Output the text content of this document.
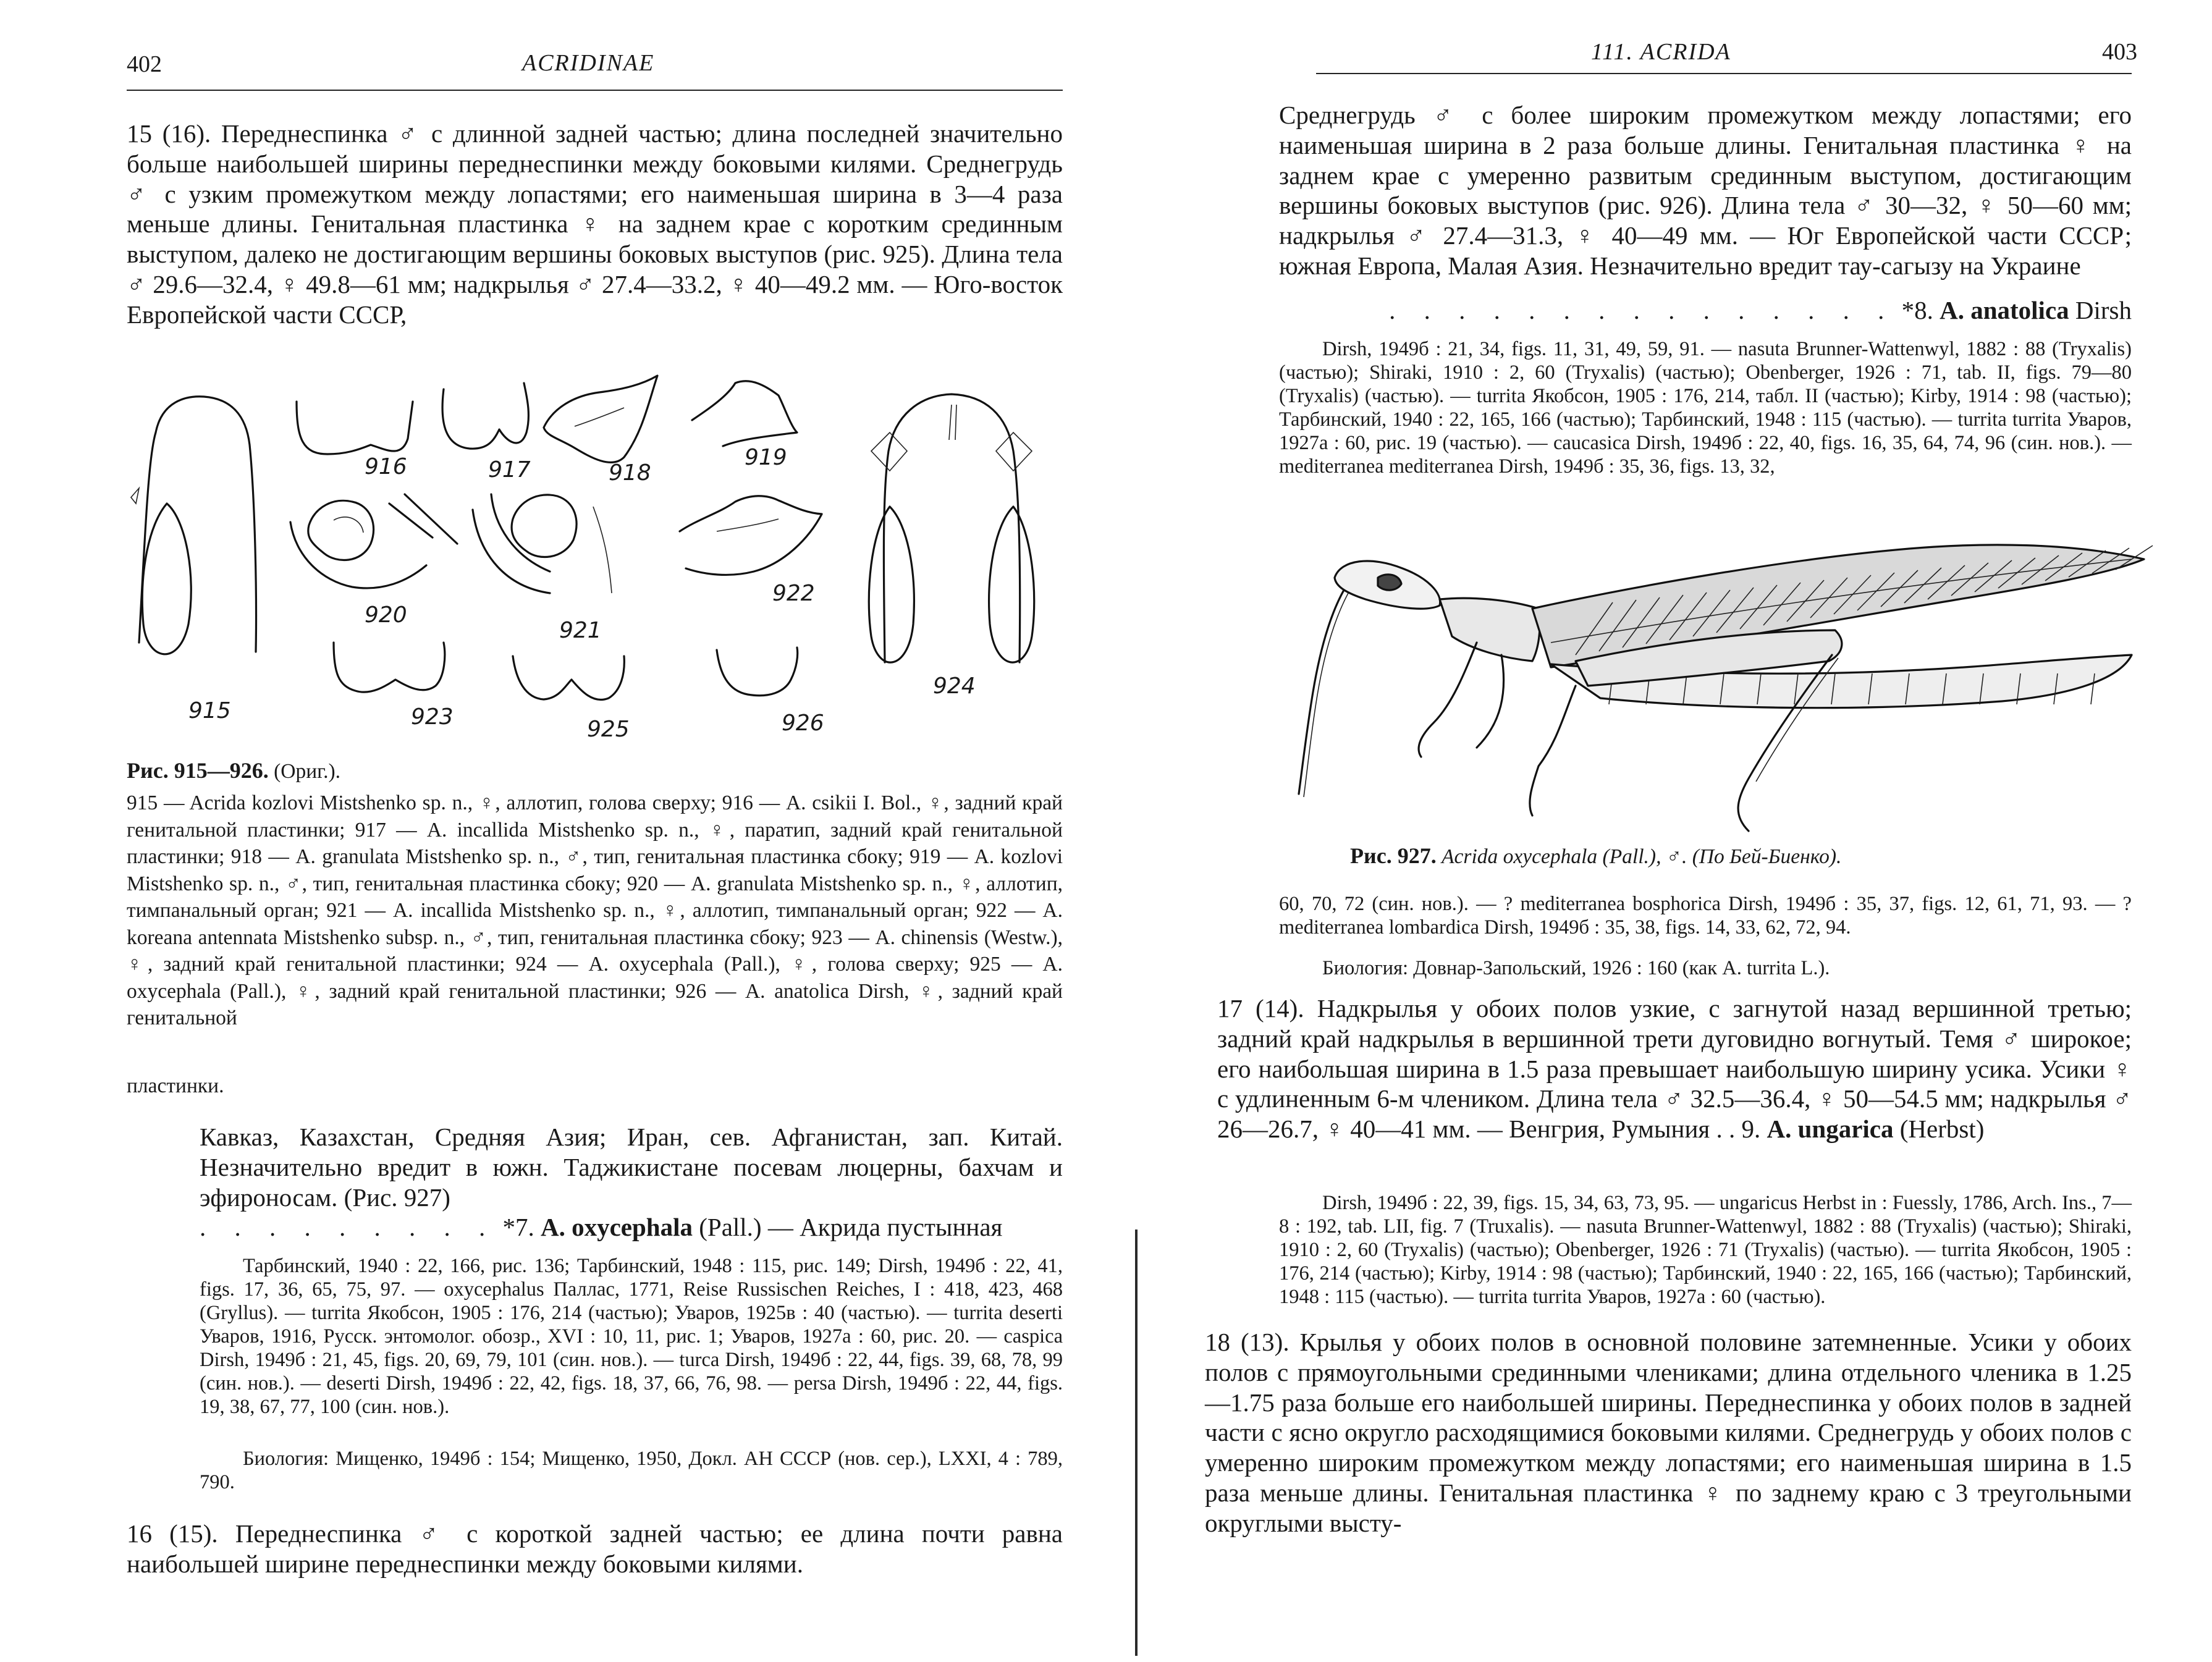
402	ACRIDINAE
15 (16). Переднеспинка ♂ с длинной задней частью; длина последней значительно больше наибольшей ширины переднеспинки между боковыми килями. Среднегрудь ♂ с узким промежутком между лопастями; его наименьшая ширина в 3—4 раза меньше длины. Генитальная пластинка ♀ на заднем крае с коротким срединным выступом, далеко не достигающим вершины боковых выступов (рис. 925). Длина тела ♂ 29.6—32.4, ♀ 49.8—61 мм; надкрылья ♂ 27.4—33.2, ♀ 40—49.2 мм. — Юго-восток Европейской части СССР,
915
916	917	918
919
920
921
922
923
924
925	926
Рис. 915—926. (Ориг.).
915 — Acrida kozlovi Mistshenko sp. n., ♀, аллотип, голова сверху; 916 — A. csikii I. Bol., ♀, задний край генитальной пластинки; 917 — A. incallida Mistshenko sp. n., ♀, паратип, задний край генитальной пластинки; 918 — A. granulata Mistshenko sp. n., ♂, тип, генитальная пластинка сбоку; 919 — A. kozlovi Mistshenko sp. n., ♂, тип, генитальная пластинка сбоку; 920 — A. granulata Mistshenko sp. n., ♀, аллотип, тимпанальный орган; 921 — A. incallida Mistshenko sp. n., ♀, аллотип, тимпанальный орган; 922 — A. koreana antennata Mistshenko subsp. n., ♂, тип, генитальная пластинка сбоку; 923 — A. chinensis (Westw.), ♀, задний край генитальной пластинки; 924 — A. oxycephala (Pall.), ♀, голова сверху; 925 — A. oxycephala (Pall.), ♀, задний край генитальной пластинки; 926 — A. anatolica Dirsh, ♀, задний край генитальной
пластинки.
Кавказ, Казахстан, Средняя Азия; Иран, сев. Афганистан, зап. Китай. Незначительно вредит в южн. Таджикистане посевам люцерны, бахчам и эфироносам. (Рис. 927)
. . . . . . . . . *7. A. oxycephala (Pall.) — Акрида пустынная
Тарбинский, 1940 : 22, 166, рис. 136; Тарбинский, 1948 : 115, рис. 149; Dirsh, 1949б : 22, 41, figs. 17, 36, 65, 75, 97. — oxycephalus Паллас, 1771, Reise Russischen Reiches, I : 418, 423, 468 (Gryllus). — turrita Якобсон, 1905 : 176, 214 (частью); Уваров, 1925в : 40 (частью). — turrita deserti Уваров, 1916, Русск. энтомолог. обозр., XVI : 10, 11, рис. 1; Уваров, 1927а : 60, рис. 20. — caspica Dirsh, 1949б : 21, 45, figs. 20, 69, 79, 101 (син. нов.). — turca Dirsh, 1949б : 22, 44, figs. 39, 68, 78, 99 (син. нов.). — deserti Dirsh, 1949б : 22, 42, figs. 18, 37, 66, 76, 98. — persa Dirsh, 1949б : 22, 44, figs. 19, 38, 67, 77, 100 (син. нов.).
Биология: Мищенко, 1949б : 154; Мищенко, 1950, Докл. АН СССР (нов. сер.), LXXI, 4 : 789, 790.
16 (15). Переднеспинка ♂ с короткой задней частью; ее длина почти равна наибольшей ширине переднеспинки между боковыми килями.
111. ACRIDA	403
Среднегрудь ♂ с более широким промежутком между лопастями; его наименьшая ширина в 2 раза больше длины. Генитальная пластинка ♀ на заднем крае с умеренно развитым срединным выступом, достигающим вершины боковых выступов (рис. 926). Длина тела ♂ 30—32, ♀ 50—60 мм; надкрылья ♂ 27.4—31.3, ♀ 40—49 мм. — Юг Европейской части СССР; южная Европа, Малая Азия. Незначительно вредит тау-сагызу на Украине
. . . . . . . . . . . . . . . *8. A. anatolica Dirsh
Dirsh, 1949б : 21, 34, figs. 11, 31, 49, 59, 91. — nasuta Brunner-Wattenwyl, 1882 : 88 (Tryxalis) (частью); Shiraki, 1910 : 2, 60 (Tryxalis) (частью); Obenberger, 1926 : 71, tab. II, figs. 79—80 (Tryxalis) (частью). — turrita Якобсон, 1905 : 176, 214, табл. II (частью); Kirby, 1914 : 98 (частью); Тарбинский, 1940 : 22, 165, 166 (частью); Тарбинский, 1948 : 115 (частью). — turrita turrita Уваров, 1927а : 60, рис. 19 (частью). — caucasica Dirsh, 1949б : 22, 40, figs. 16, 35, 64, 74, 96 (син. нов.). — mediterranea mediterranea Dirsh, 1949б : 35, 36, figs. 13, 32,
Рис. 927. Acrida oxycephala (Pall.), ♂. (По Бей-Биенко).
60, 70, 72 (син. нов.). — ? mediterranea bosphorica Dirsh, 1949б : 35, 37, figs. 12, 61, 71, 93. — ? mediterranea lombardica Dirsh, 1949б : 35, 38, figs. 14, 33, 62, 72, 94.
Биология: Довнар-Запольский, 1926 : 160 (как A. turrita L.).
17 (14). Надкрылья у обоих полов узкие, с загнутой назад вершинной третью; задний край надкрылья в вершинной трети дуговидно вогнутый. Темя ♂ широкое; его наибольшая ширина в 1.5 раза превышает наибольшую ширину усика. Усики ♀ с удлиненным 6-м члеником. Длина тела ♂ 32.5—36.4, ♀ 50—54.5 мм; надкрылья ♂ 26—26.7, ♀ 40—41 мм. — Венгрия, Румыния . . 9. A. ungarica (Herbst)
Dirsh, 1949б : 22, 39, figs. 15, 34, 63, 73, 95. — ungaricus Herbst in : Fuessly, 1786, Arch. Ins., 7—8 : 192, tab. LII, fig. 7 (Truxalis). — nasuta Brunner-Wattenwyl, 1882 : 88 (Tryxalis) (частью); Shiraki, 1910 : 2, 60 (Tryxalis) (частью); Obenberger, 1926 : 71 (Tryxalis) (частью). — turrita Якобсон, 1905 : 176, 214 (частью); Kirby, 1914 : 98 (частью); Тарбинский, 1940 : 22, 165, 166 (частью); Тарбинский, 1948 : 115 (частью). — turrita turrita Уваров, 1927а : 60 (частью).
18 (13). Крылья у обоих полов в основной половине затемненные. Усики у обоих полов с прямоугольными срединными члениками; длина отдельного членика в 1.25—1.75 раза больше его наибольшей ширины. Переднеспинка у обоих полов в задней части с ясно округло расходящимися боковыми килями. Среднегрудь у обоих полов с умеренно широким промежутком между лопастями; его наименьшая ширина в 1.5 раза меньше длины. Генитальная пластинка ♀ по заднему краю с 3 треугольными округлыми высту-
